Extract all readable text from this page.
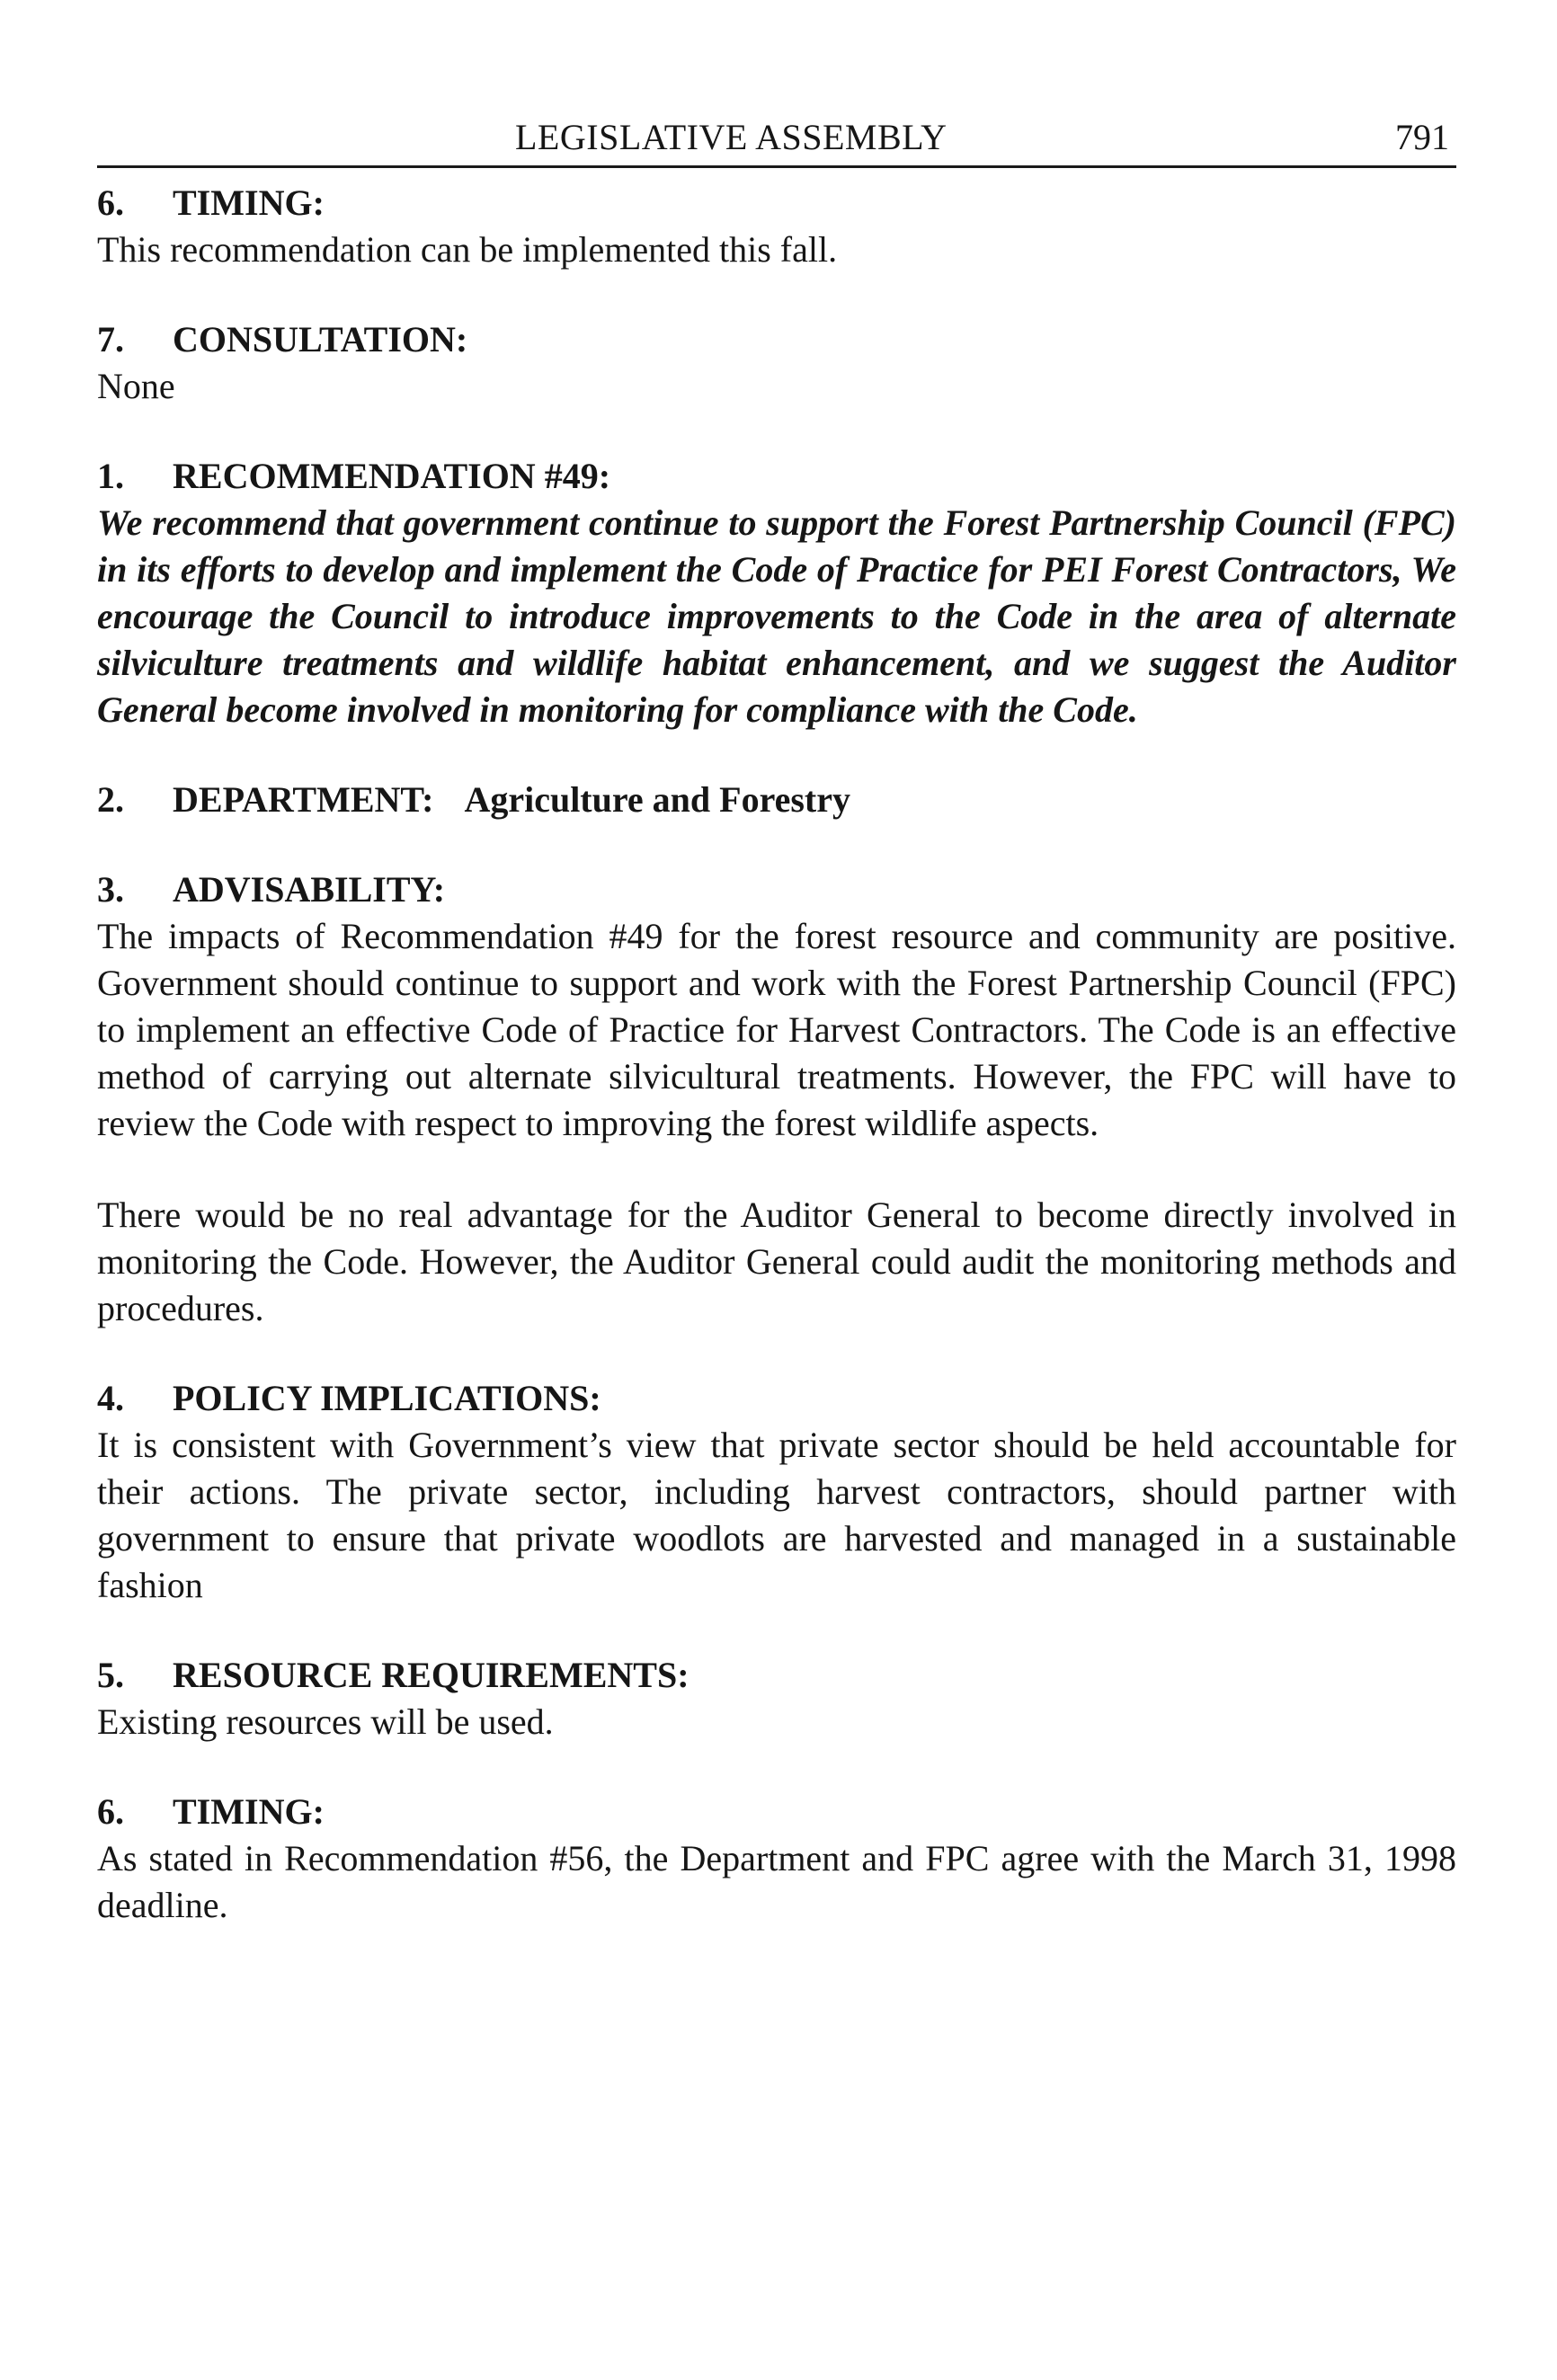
LEGISLATIVE ASSEMBLY	791
6.	TIMING:
This recommendation can be implemented this fall.
7.	CONSULTATION:
None
1.	RECOMMENDATION #49:
We recommend that government continue to support the Forest Partnership Council (FPC) in its efforts to develop and implement the Code of Practice for PEI Forest Contractors, We encourage the Council to introduce improvements to the Code in the area of alternate silviculture treatments and wildlife habitat enhancement, and we suggest the Auditor General become involved in monitoring for compliance with the Code.
2.	DEPARTMENT: Agriculture and Forestry
3.	ADVISABILITY:
The impacts of Recommendation #49 for the forest resource and community are positive. Government should continue to support and work with the Forest Partnership Council (FPC) to implement an effective Code of Practice for Harvest Contractors. The Code is an effective method of carrying out alternate silvicultural treatments. However, the FPC will have to review the Code with respect to improving the forest wildlife aspects.
There would be no real advantage for the Auditor General to become directly involved in monitoring the Code. However, the Auditor General could audit the monitoring methods and procedures.
4.	POLICY IMPLICATIONS:
It is consistent with Government’s view that private sector should be held accountable for their actions. The private sector, including harvest contractors, should partner with government to ensure that private woodlots are harvested and managed in a sustainable fashion
5.	RESOURCE REQUIREMENTS:
Existing resources will be used.
6.	TIMING:
As stated in Recommendation #56, the Department and FPC agree with the March 31, 1998 deadline.
